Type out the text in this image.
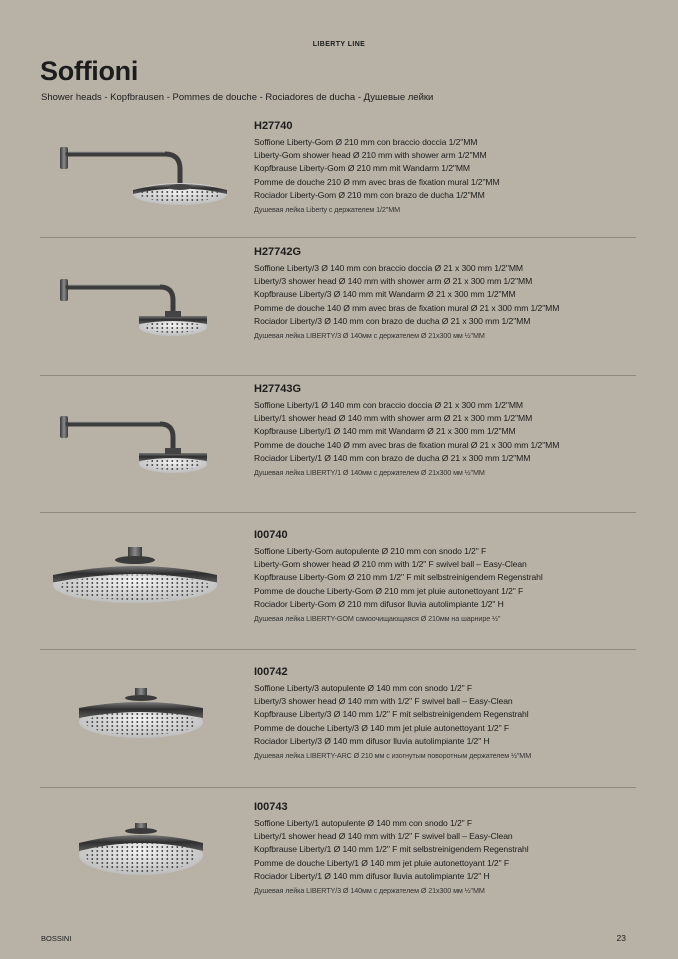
LIBERTY LINE
Soffioni
Shower heads - Kopfbrausen - Pommes de douche - Rociadores de ducha - Душевые лейки
H27740
Soffione Liberty-Gom Ø 210 mm con braccio doccia 1/2"MM
Liberty-Gom shower head Ø 210 mm with shower arm 1/2"MM
Kopfbrause Liberty-Gom Ø 210 mm mit Wandarm 1/2"MM
Pomme de douche 210 Ø mm avec bras de fixation mural 1/2"MM
Rociador Liberty-Gom Ø 210 mm con brazo de ducha 1/2"MM
Душевая лейка Liberty с держателем 1/2"MM
H27742G
Soffione Liberty/3 Ø 140 mm con braccio doccia Ø 21 x 300 mm 1/2"MM
Liberty/3 shower head Ø 140 mm with shower arm Ø 21 x 300 mm 1/2"MM
Kopfbrause Liberty/3 Ø 140 mm mit Wandarm Ø 21 x 300 mm 1/2"MM
Pomme de douche 140 Ø mm avec bras de fixation mural Ø 21 x 300 mm 1/2"MM
Rociador Liberty/3 Ø 140 mm con brazo de ducha Ø 21 x 300 mm 1/2"MM
Душевая лейка LIBERTY/3 Ø 140мм с держателем Ø 21х300 мм ½"MM
H27743G
Soffione Liberty/1 Ø 140 mm con braccio doccia Ø 21 x 300 mm 1/2"MM
Liberty/1 shower head Ø 140 mm with shower arm Ø 21 x 300 mm 1/2"MM
Kopfbrause Liberty/1 Ø 140 mm mit Wandarm Ø 21 x 300 mm 1/2"MM
Pomme de douche 140 Ø mm avec bras de fixation mural Ø 21 x 300 mm 1/2"MM
Rociador Liberty/1 Ø 140 mm con brazo de ducha Ø 21 x 300 mm 1/2"MM
Душевая лейка LIBERTY/1 Ø 140мм с держателем Ø 21х300 мм ½"MM
I00740
Soffione Liberty-Gom autopulente Ø 210 mm con snodo 1/2" F
Liberty-Gom shower head Ø 210 mm with 1/2" F swivel ball – Easy-Clean
Kopfbrause Liberty-Gom Ø 210 mm 1/2" F mit selbstreinigendem Regenstrahl
Pomme de douche Liberty-Gom Ø 210 mm jet pluie autonettoyant 1/2" F
Rociador Liberty-Gom Ø 210 mm difusor lluvia autolimpiante 1/2" H
Душевая лейка LIBERTY-GOM самоочищающаяся Ø 210мм на шарнире ½"
I00742
Soffione Liberty/3 autopulente Ø 140 mm con snodo 1/2" F
Liberty/3 shower head Ø 140 mm with 1/2" F swivel ball – Easy-Clean
Kopfbrause Liberty/3 Ø 140 mm 1/2" F mit selbstreinigendem Regenstrahl
Pomme de douche Liberty/3 Ø 140 mm jet pluie autonettoyant 1/2" F
Rociador Liberty/3 Ø 140 mm difusor lluvia autolimpiante 1/2" H
Душевая лейка LIBERTY-ARC Ø 210 мм с изогнутым поворотным держателем ½"MM
I00743
Soffione Liberty/1 autopulente Ø 140 mm con snodo 1/2" F
Liberty/1 shower head Ø 140 mm with 1/2" F swivel ball – Easy-Clean
Kopfbrause Liberty/1 Ø 140 mm 1/2" F mit selbstreinigendem Regenstrahl
Pomme de douche Liberty/1 Ø 140 mm jet pluie autonettoyant 1/2" F
Rociador Liberty/1 Ø 140 mm difusor lluvia autolimpiante 1/2" H
Душевая лейка LIBERTY/3 Ø 140мм с держателем Ø 21х300 мм ½"MM
BOSSINI	23
